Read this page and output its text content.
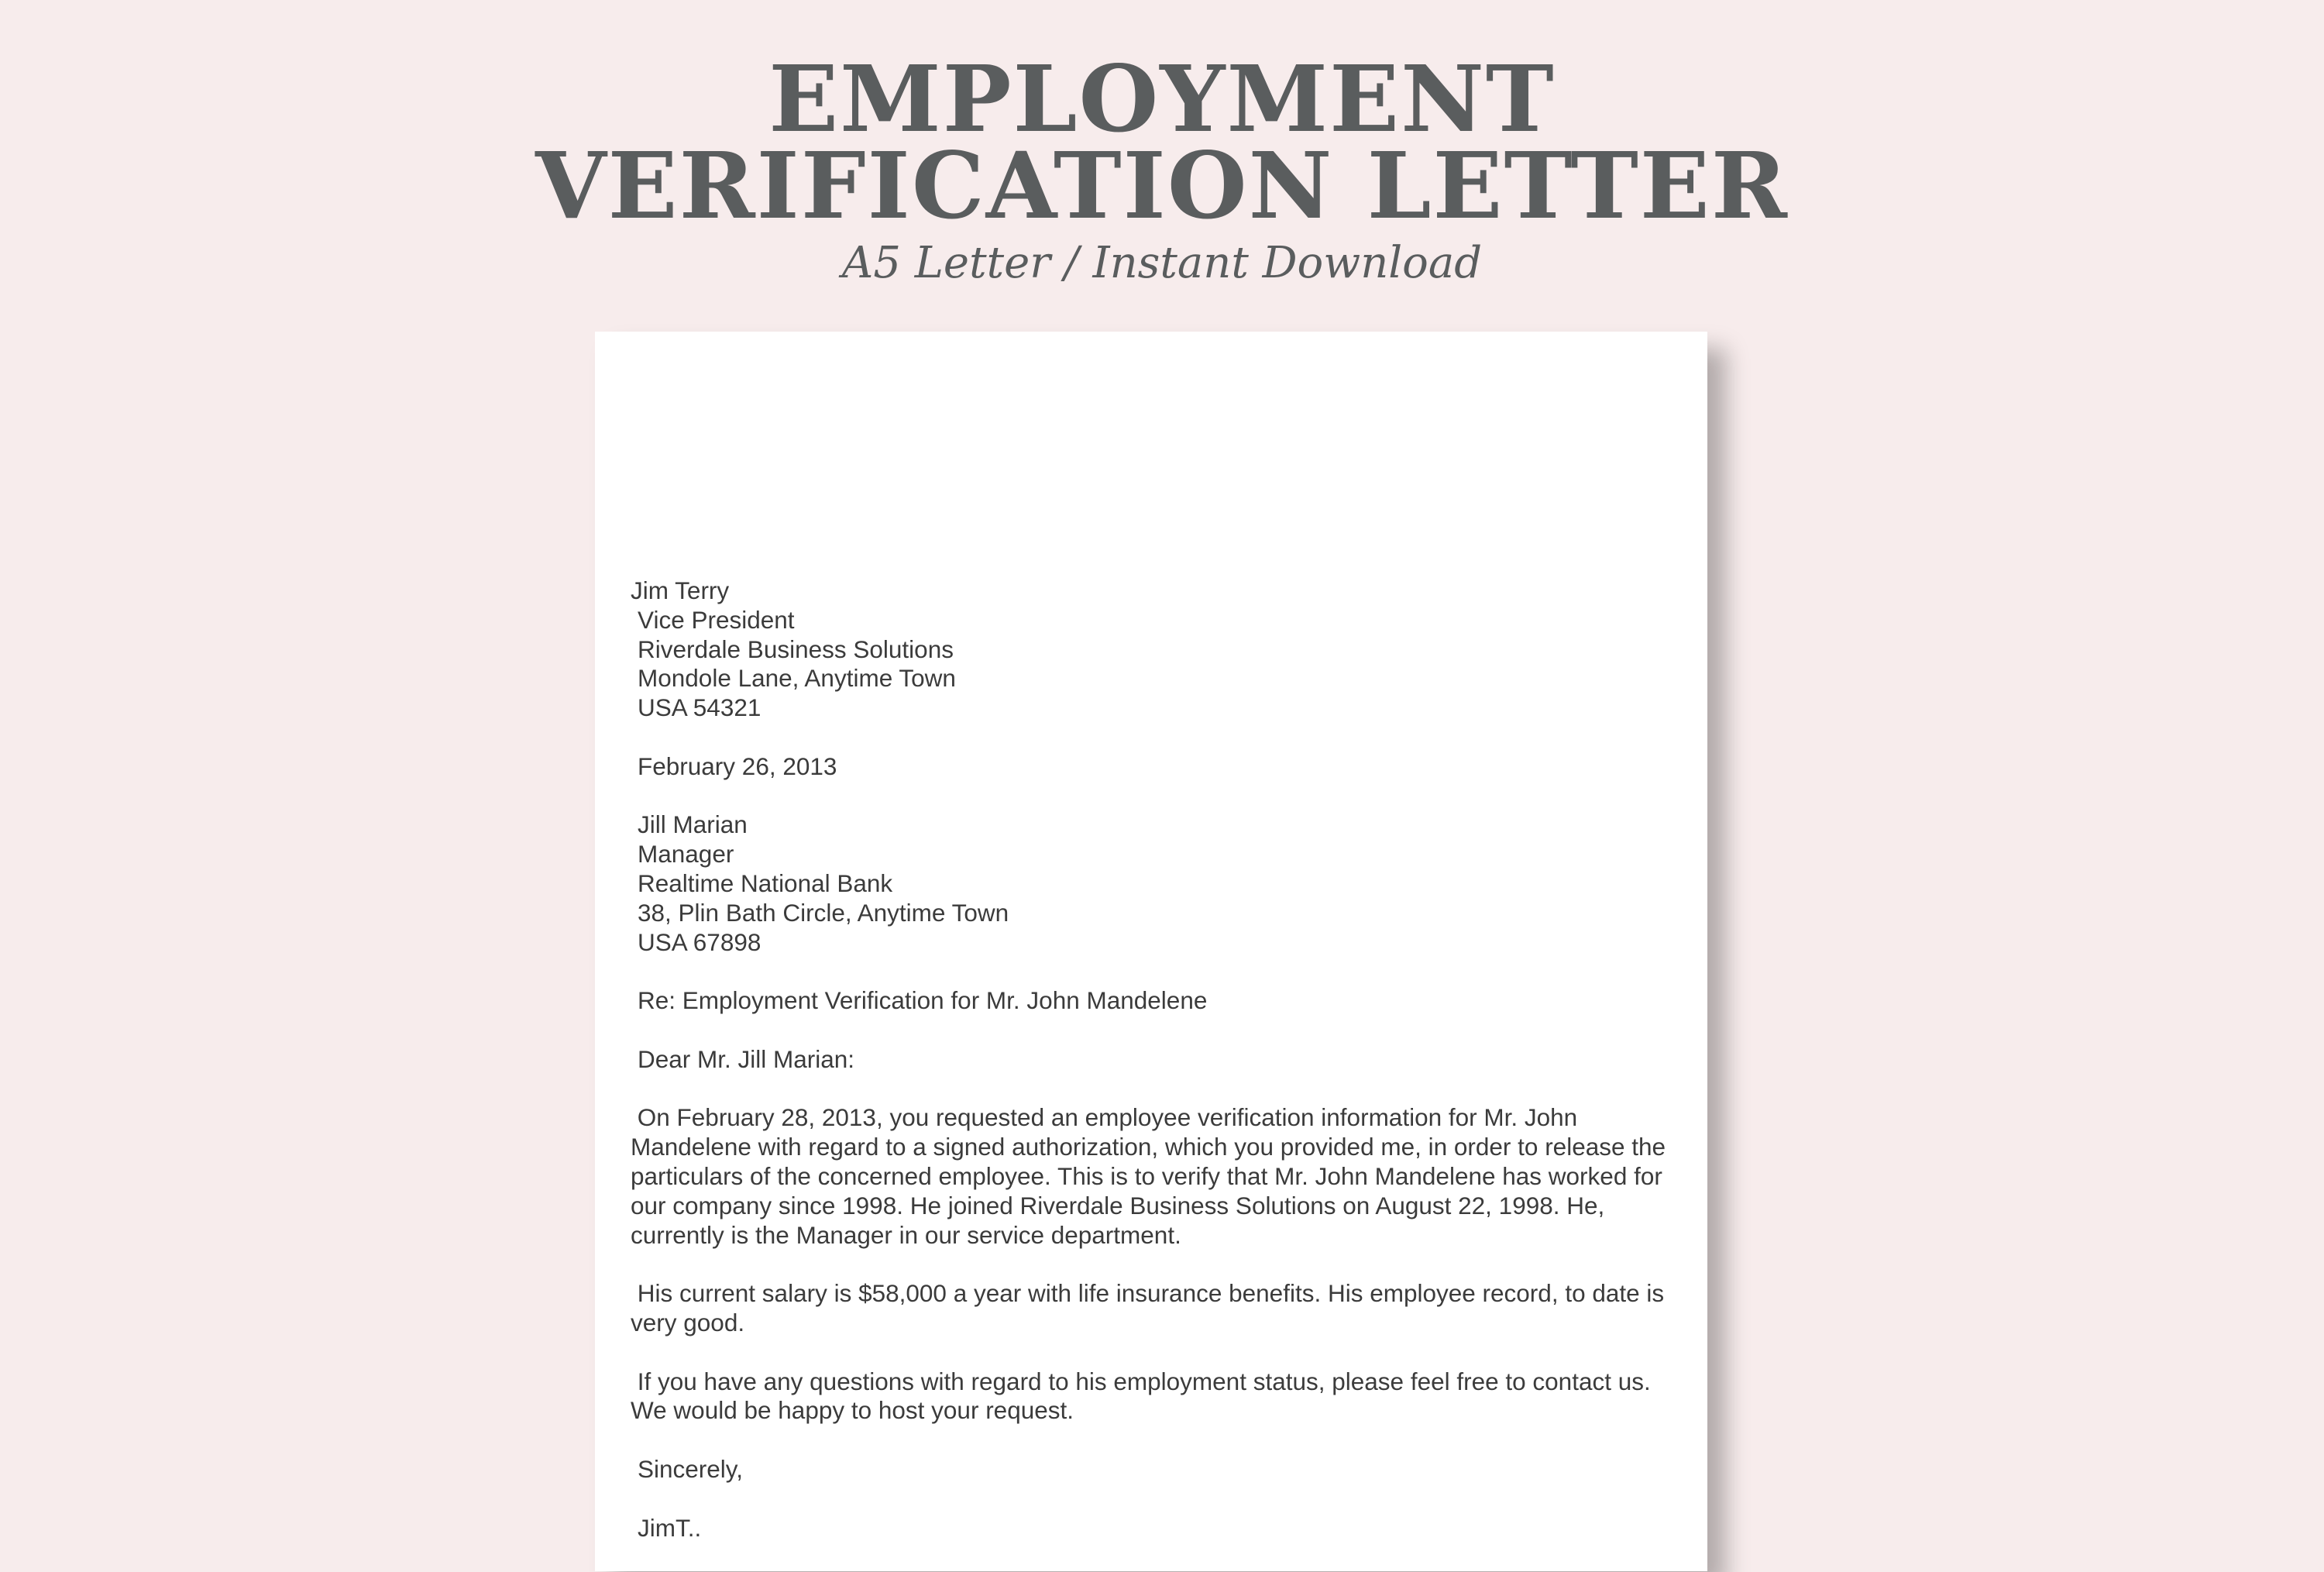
EMPLOYMENT
VERIFICATION LETTER
A5 Letter / Instant Download

Jim Terry
Vice President
Riverdale Business Solutions
Mondole Lane, Anytime Town
USA 54321

February 26, 2013

Jill Marian
Manager
Realtime National Bank
38, Plin Bath Circle, Anytime Town
USA 67898

Re: Employment Verification for Mr. John Mandelene

Dear Mr. Jill Marian:

On February 28, 2013, you requested an employee verification information for Mr. John Mandelene with regard to a signed authorization, which you provided me, in order to release the particulars of the concerned employee. This is to verify that Mr. John Mandelene has worked for our company since 1998. He joined Riverdale Business Solutions on August 22, 1998. He, currently is the Manager in our service department.

His current salary is $58,000 a year with life insurance benefits. His employee record, to date is very good.

If you have any questions with regard to his employment status, please feel free to contact us. We would be happy to host your request.

Sincerely,

JimT..
